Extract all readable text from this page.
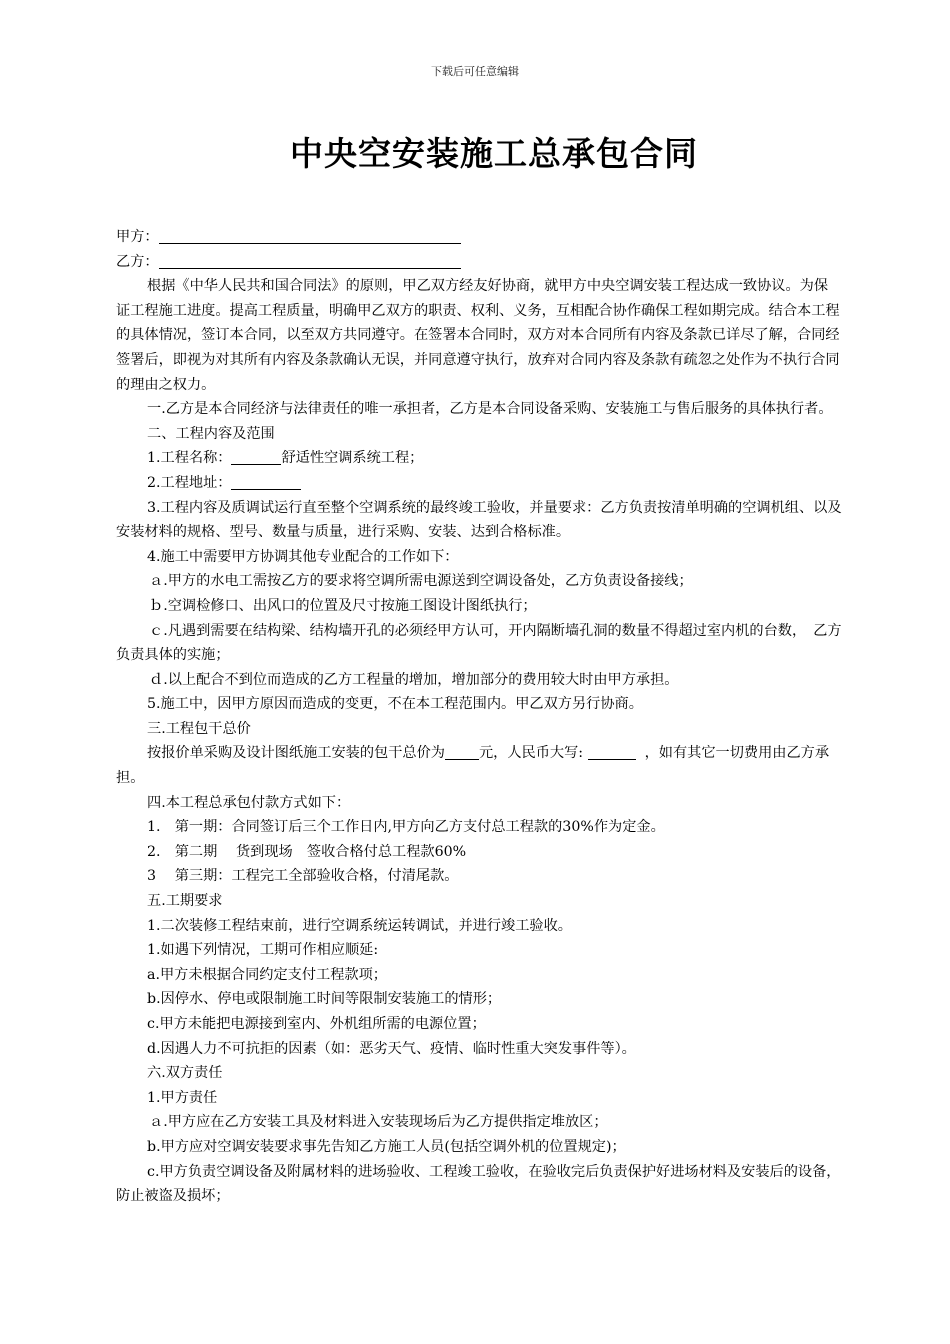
下载后可任意编辑
中央空安装施工总承包合同

甲方：

乙方：

根据《中华人民共和国合同法》的原则，甲乙双方经友好协商，就甲方中央空调安装工程达成一致协议。为保证工程施工进度。提高工程质量，明确甲乙双方的职责、权利、义务，互相配合协作确保工程如期完成。结合本工程的具体情况，签订本合同，以至双方共同遵守。在签署本合同时，双方对本合同所有内容及条款已详尽了解，合同经签署后，即视为对其所有内容及条款确认无误，并同意遵守执行，放弃对合同内容及条款有疏忽之处作为不执行合同的理由之权力。

一.乙方是本合同经济与法律责任的唯一承担者，乙方是本合同设备采购、安装施工与售后服务的具体执行者。

二、工程内容及范围

1.工程名称：	舒适性空调系统工程；

2.工程地址：

3.工程内容及质调试运行直至整个空调系统的最终竣工验收，并量要求：乙方负责按清单明确的空调机组、以及安装材料的规格、型号、数量与质量，进行采购、安装、达到合格标准。

4.施工中需要甲方协调其他专业配合的工作如下：

ａ.甲方的水电工需按乙方的要求将空调所需电源送到空调设备处，乙方负责设备接线；

ｂ.空调检修口、出风口的位置及尺寸按施工图设计图纸执行；

ｃ.凡遇到需要在结构梁、结构墙开孔的必须经甲方认可，开内隔断墙孔洞的数量不得超过室内机的台数，　乙方负责具体的实施；

ｄ.以上配合不到位而造成的乙方工程量的增加，增加部分的费用较大时由甲方承担。

5.施工中，因甲方原因而造成的变更，不在本工程范围内。甲乙双方另行协商。

三.工程包干总价

按报价单采购及设计图纸施工安装的包干总价为 元，人民币大写:	，如有其它一切费用由乙方承担。

四.本工程总承包付款方式如下：

1.　第一期：合同签订后三个工作日内,甲方向乙方支付总工程款的30%作为定金。

2.　第二期　 货到现场　签收合格付总工程款60%

3　 第三期：工程完工全部验收合格，付清尾款。

五.工期要求

1.二次装修工程结束前，进行空调系统运转调试，并进行竣工验收。

1.如遇下列情况，工期可作相应顺延:

a.甲方未根据合同约定支付工程款项；

b.因停水、停电或限制施工时间等限制安装施工的情形；

c.甲方未能把电源接到室内、外机组所需的电源位置；

d.因遇人力不可抗拒的因素（如：恶劣天气、疫情、临时性重大突发事件等）。

六.双方责任

1.甲方责任

ａ.甲方应在乙方安装工具及材料进入安装现场后为乙方提供指定堆放区；

b.甲方应对空调安装要求事先告知乙方施工人员(包括空调外机的位置规定)；

c.甲方负责空调设备及附属材料的进场验收、工程竣工验收，在验收完后负责保护好进场材料及安装后的设备，防止被盗及损坏；
